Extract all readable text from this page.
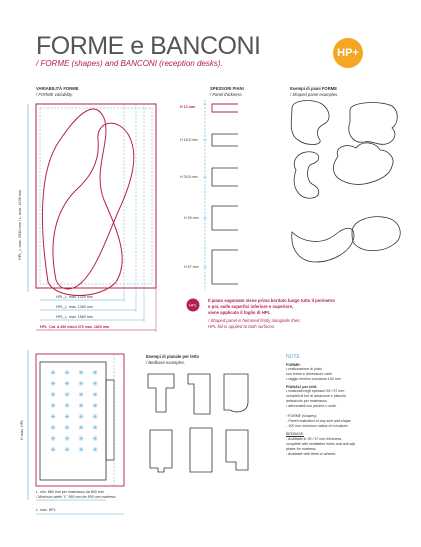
FORME e BANCONI
/ FORME (shapes) and BANCONI (reception desks).
HP+
VARIABILITÀ FORME
/ FORME variability.
HPL_I. max. 2030 mm / L. max. 4100 mm
HPL_L. max. 1220 mm
HPL_L. max. 1350 mm
HPL_L. max. 1560 mm
HPL_Cat. A 450 e/and 475 max. 1820 mm
SPESSORI PIANI
/ Panel thickness.
H 12 mm
H 18,5 mm
H 29,5 mm
H 39 mm
H 57 mm
Esempi di piani FORME
/ Shaped panel examples.
HPL
Il piano sagomato viene prima bordato lungo tutto il perimetro
e poi, sulle superfici inferiore e superiore,
viene applicato il foglio di HPL
/ Shaped panel is hemmed firstly alongside then,
HPL foil is applied to both surfaces.
H max. HPL
✳	✳	✳	✳
✳	✳	✳	✳
✳	✳	✳	✳
✳	✳	✳	✳
✳	✳	✳	✳
✳	✳	✳	✳
✳	✳	✳	✳
✳	✳	✳	✳
L. min. 860 mm per materasso da 800 mm
/ Minimum width "L" 860 mm for 800 mm mattress.
L. max. HPL
Esempi di pianale per letto
/ Bedbase examples.
NOTE
FORME:
• realizzazione di piani
con forme e dimensioni varie
• raggio minimo curvatura 100 mm
PIANALI per letti:
• realizzati negli spessori 39 / 57 mm
completi di fori di areazione e placche
antiscivolo per materasso
• attrezzabili con piedini o ruote.
/ FORME (shapes):
- Panel realization of any size and shape
- 100 mm minimum radius of curvature.
BEDBASE:
- Available in 39 / 57 mm thickness,
complete with ventilation holes and anti-slip
plates for mattress
- Available with feets or wheels.
